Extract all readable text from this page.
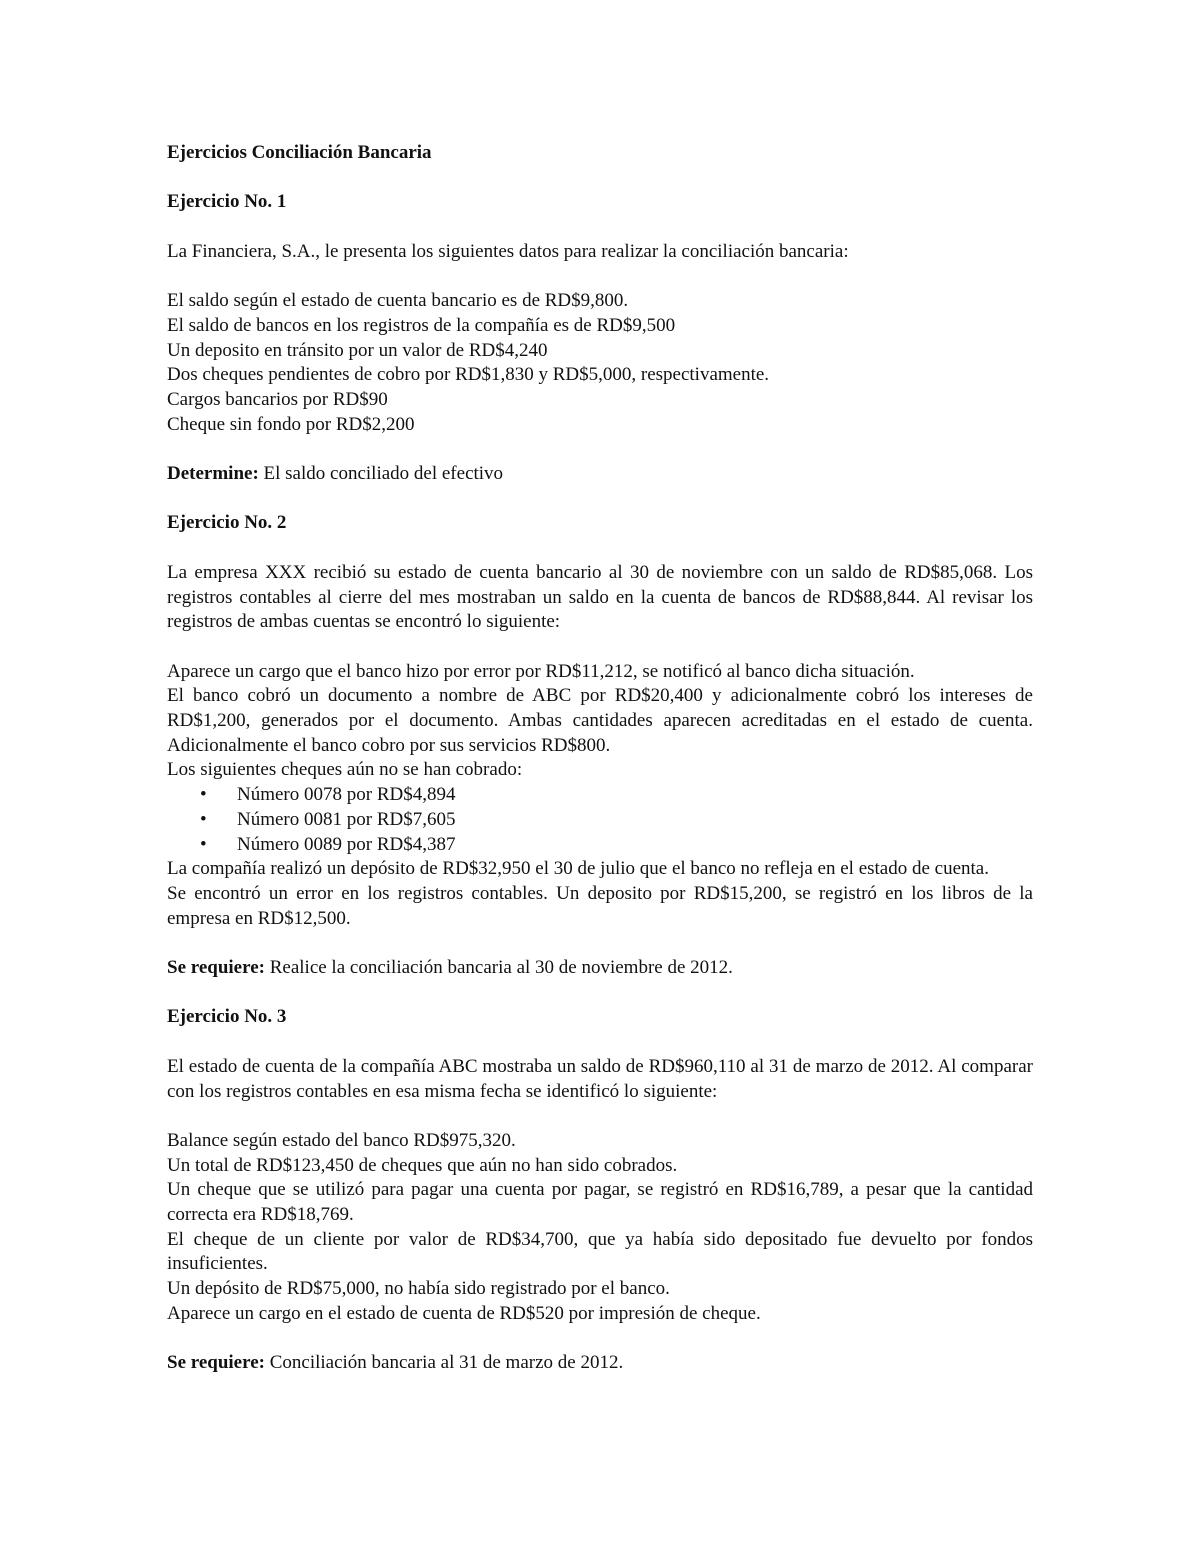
Ejercicios Conciliación Bancaria

Ejercicio No. 1

La Financiera, S.A., le presenta los siguientes datos para realizar la conciliación bancaria:

El saldo según el estado de cuenta bancario es de RD$9,800.

El saldo de bancos en los registros de la compañía es de RD$9,500

Un deposito en tránsito por un valor de RD$4,240

Dos cheques pendientes de cobro por RD$1,830 y RD$5,000, respectivamente.

Cargos bancarios por RD$90

Cheque sin fondo por RD$2,200

Determine: El saldo conciliado del efectivo

Ejercicio No. 2

La empresa XXX recibió su estado de cuenta bancario al 30 de noviembre con un saldo de RD$85,068. Los registros contables al cierre del mes mostraban un saldo en la cuenta de bancos de RD$88,844. Al revisar los registros de ambas cuentas se encontró lo siguiente:

Aparece un cargo que el banco hizo por error por RD$11,212, se notificó al banco dicha situación.

El banco cobró un documento a nombre de ABC por RD$20,400 y adicionalmente cobró los intereses de RD$1,200, generados por el documento. Ambas cantidades aparecen acreditadas en el estado de cuenta. Adicionalmente el banco cobro por sus servicios RD$800.

Los siguientes cheques aún no se han cobrado:

• Número 0078 por RD$4,894
• Número 0081 por RD$7,605
• Número 0089 por RD$4,387

La compañía realizó un depósito de RD$32,950 el 30 de julio que el banco no refleja en el estado de cuenta.

Se encontró un error en los registros contables. Un deposito por RD$15,200, se registró en los libros de la empresa en RD$12,500.

Se requiere: Realice la conciliación bancaria al 30 de noviembre de 2012.

Ejercicio No. 3

El estado de cuenta de la compañía ABC mostraba un saldo de RD$960,110 al 31 de marzo de 2012. Al comparar con los registros contables en esa misma fecha se identificó lo siguiente:

Balance según estado del banco RD$975,320.

Un total de RD$123,450 de cheques que aún no han sido cobrados.

Un cheque que se utilizó para pagar una cuenta por pagar, se registró en RD$16,789, a pesar que la cantidad correcta era RD$18,769.

El cheque de un cliente por valor de RD$34,700, que ya había sido depositado fue devuelto por fondos insuficientes.

Un depósito de RD$75,000, no había sido registrado por el banco.

Aparece un cargo en el estado de cuenta de RD$520 por impresión de cheque.

Se requiere: Conciliación bancaria al 31 de marzo de 2012.
